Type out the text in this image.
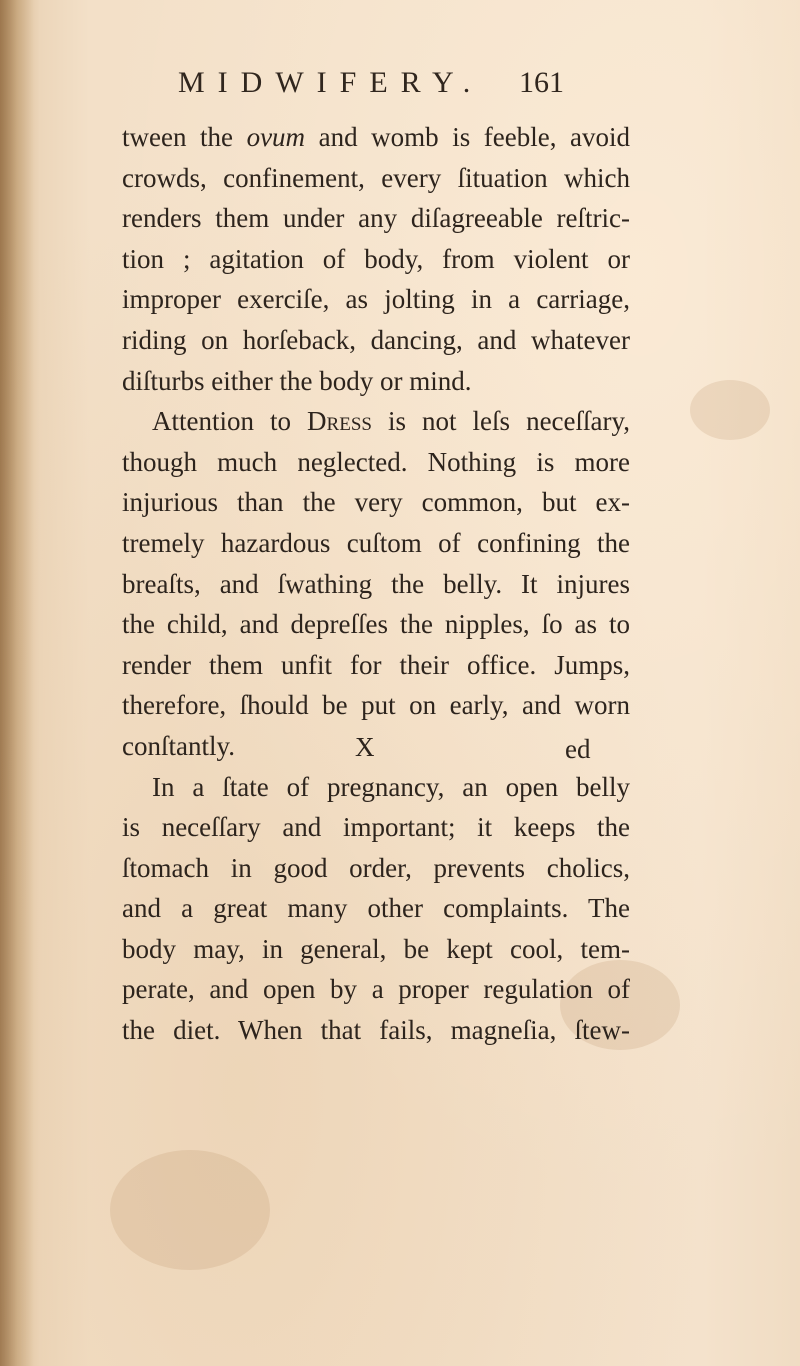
MIDWIFERY. 161
tween the ovum and womb is feeble, avoid
crowds, confinement, every ſituation which
renders them under any diſagreeable reſtric-
tion ; agitation of body, from violent or
improper exerciſe, as jolting in a carriage,
riding on horſeback, dancing, and whatever
diſturbs either the body or mind.
Attention to Dress is not leſs neceſſary,
though much neglected. Nothing is more
injurious than the very common, but ex-
tremely hazardous cuſtom of confining the
breaſts, and ſwathing the belly. It injures
the child, and depreſſes the nipples, ſo as to
render them unfit for their office. Jumps,
therefore, ſhould be put on early, and worn
conſtantly.
In a ſtate of pregnancy, an open belly
is neceſſary and important; it keeps the
ſtomach in good order, prevents cholics,
and a great many other complaints. The
body may, in general, be kept cool, tem-
perate, and open by a proper regulation of
the diet. When that fails, magneſia, ſtew-
X	ed
